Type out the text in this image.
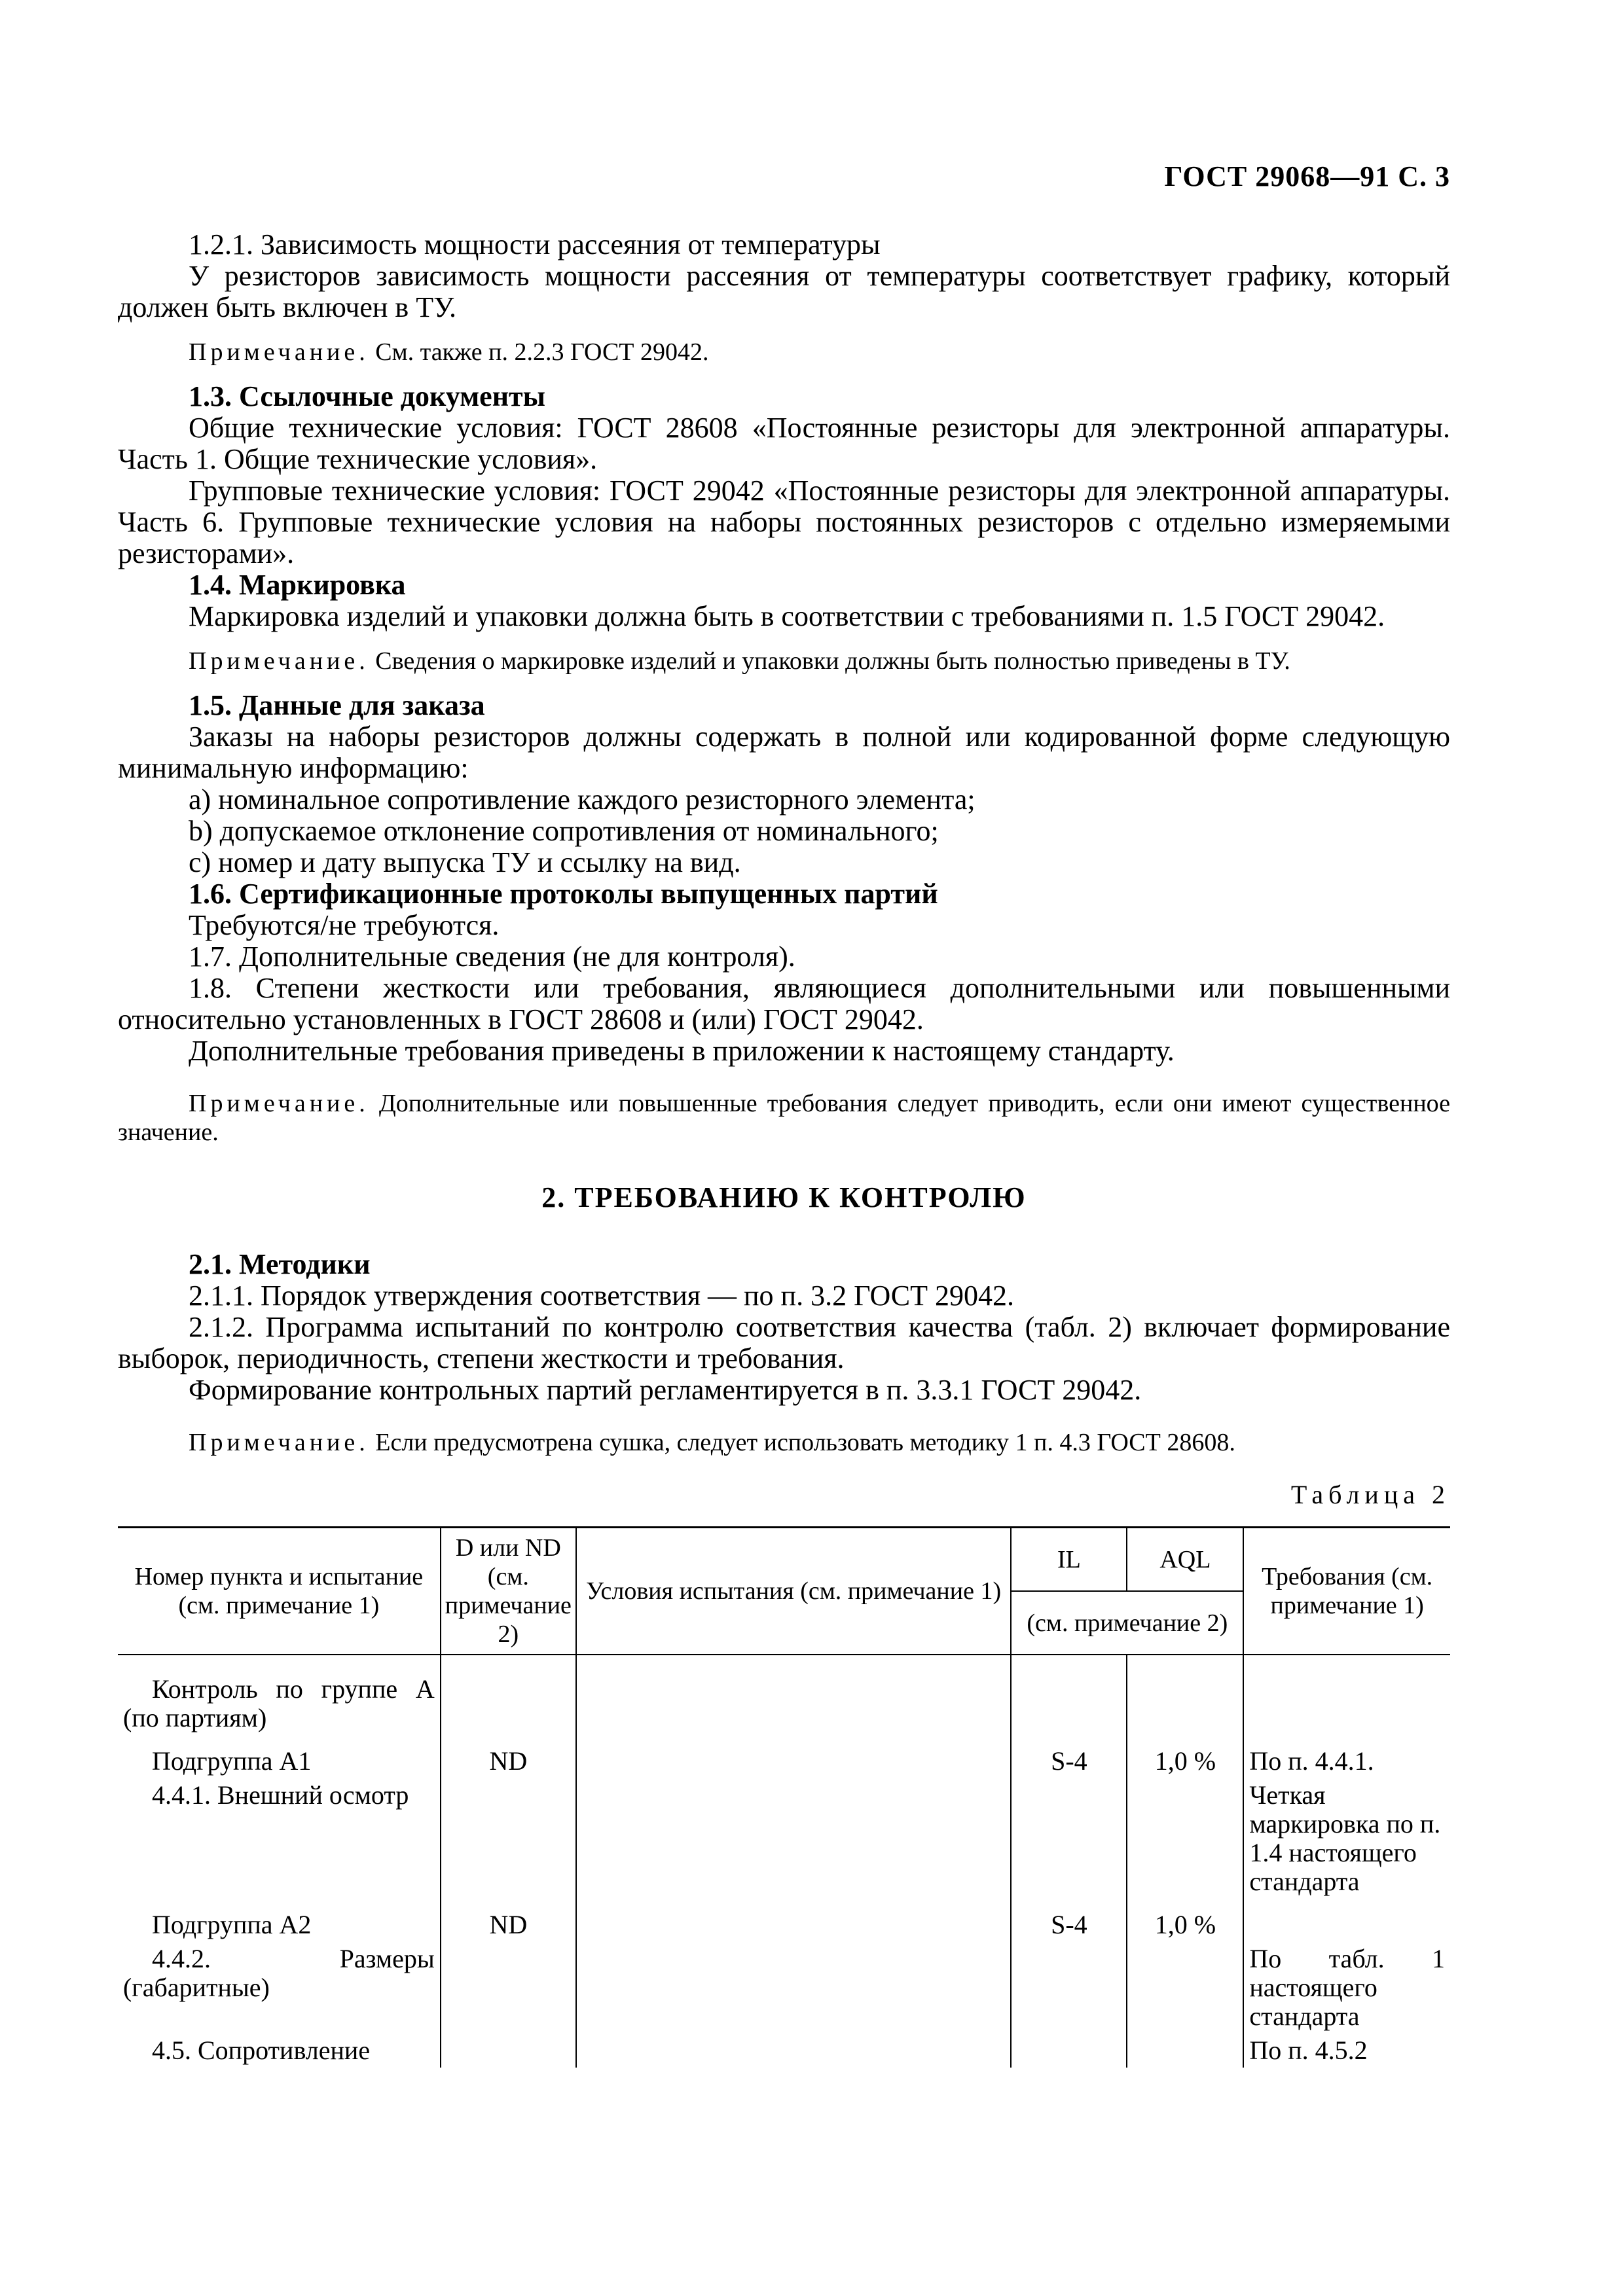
ГОСТ 29068—91 С. 3

1.2.1. Зависимость мощности рассеяния от температуры

У резисторов зависимость мощности рассеяния от температуры соответствует графику, который должен быть включен в ТУ.

Примечание. См. также п. 2.2.3 ГОСТ 29042.

1.3. Ссылочные документы

Общие технические условия: ГОСТ 28608 «Постоянные резисторы для электронной аппаратуры. Часть 1. Общие технические условия».

Групповые технические условия: ГОСТ 29042 «Постоянные резисторы для электронной аппаратуры. Часть 6. Групповые технические условия на наборы постоянных резисторов с отдельно измеряемыми резисторами».

1.4. Маркировка

Маркировка изделий и упаковки должна быть в соответствии с требованиями п. 1.5 ГОСТ 29042.

Примечание. Сведения о маркировке изделий и упаковки должны быть полностью приведены в ТУ.

1.5. Данные для заказа

Заказы на наборы резисторов должны содержать в полной или кодированной форме следующую минимальную информацию:

a) номинальное сопротивление каждого резисторного элемента;

b) допускаемое отклонение сопротивления от номинального;

c) номер и дату выпуска ТУ и ссылку на вид.

1.6. Сертификационные протоколы выпущенных партий

Требуются/не требуются.

1.7. Дополнительные сведения (не для контроля).

1.8. Степени жесткости или требования, являющиеся дополнительными или повышенными относительно установленных в ГОСТ 28608 и (или) ГОСТ 29042.

Дополнительные требования приведены в приложении к настоящему стандарту.

Примечание. Дополнительные или повышенные требования следует приводить, если они имеют существенное значение.

2. ТРЕБОВАНИЮ К КОНТРОЛЮ

2.1. Методики

2.1.1. Порядок утверждения соответствия — по п. 3.2 ГОСТ 29042.

2.1.2. Программа испытаний по контролю соответствия качества (табл. 2) включает формирование выборок, периодичность, степени жесткости и требования.

Формирование контрольных партий регламентируется в п. 3.3.1 ГОСТ 29042.

Примечание. Если предусмотрена сушка, следует использовать методику 1 п. 4.3 ГОСТ 28608.

Таблица 2

Номер пункта и испытание (см. примечание 1)	D или ND (см. примечание 2)	Условия испытания (см. примечание 1)	IL	AQL	Требования (см. примечание 1)
			(см. примечание 2)		
Контроль по группе А (по партиям)					
Подгруппа А1	ND		S-4	1,0 %	По п. 4.4.1.
4.4.1. Внешний осмотр					Четкая маркировка по п. 1.4 настоящего стандарта
Подгруппа А2	ND		S-4	1,0 %	
4.4.2. Размеры (габаритные)					По табл. 1 настоящего стандарта
4.5. Сопротивление					По п. 4.5.2
